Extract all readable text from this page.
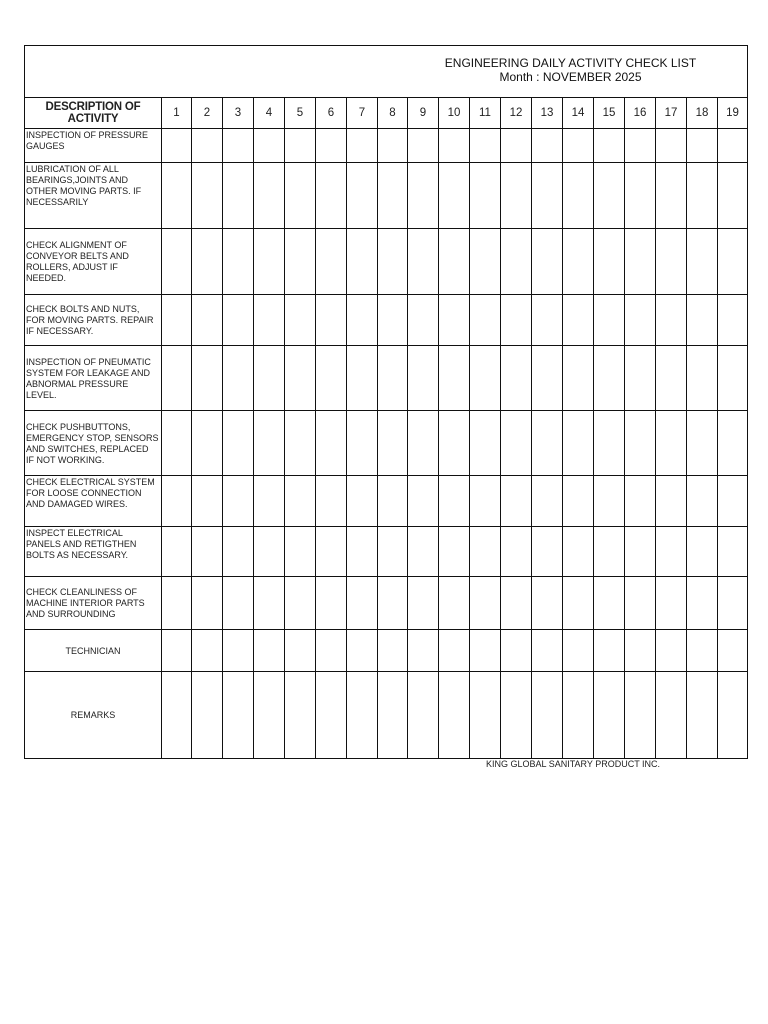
ENGINEERING DAILY ACTIVITY CHECK LIST
Month : NOVEMBER 2025																			

DESCRIPTION OF ACTIVITY	1	2	3	4	5	6	7	8	9	10	11	12	13	14	15	16	17	18	19
INSPECTION OF PRESSURE GAUGES																			
LUBRICATION OF ALL BEARINGS,JOINTS AND OTHER MOVING PARTS. IF NECESSARILY																			
CHECK ALIGNMENT OF CONVEYOR BELTS AND ROLLERS, ADJUST IF NEEDED.																			
CHECK BOLTS AND NUTS, FOR MOVING PARTS. REPAIR IF NECESSARY.																			
INSPECTION OF PNEUMATIC SYSTEM FOR LEAKAGE AND ABNORMAL PRESSURE LEVEL.																			
CHECK PUSHBUTTONS, EMERGENCY STOP, SENSORS AND SWITCHES, REPLACED IF NOT WORKING.																			
CHECK ELECTRICAL SYSTEM FOR LOOSE CONNECTION AND DAMAGED WIRES.																			
INSPECT ELECTRICAL PANELS AND RETIGTHEN BOLTS AS NECESSARY.																			
CHECK CLEANLINESS OF MACHINE INTERIOR PARTS AND SURROUNDING																			
TECHNICIAN																			
REMARKS																			
KING GLOBAL SANITARY PRODUCT INC.
